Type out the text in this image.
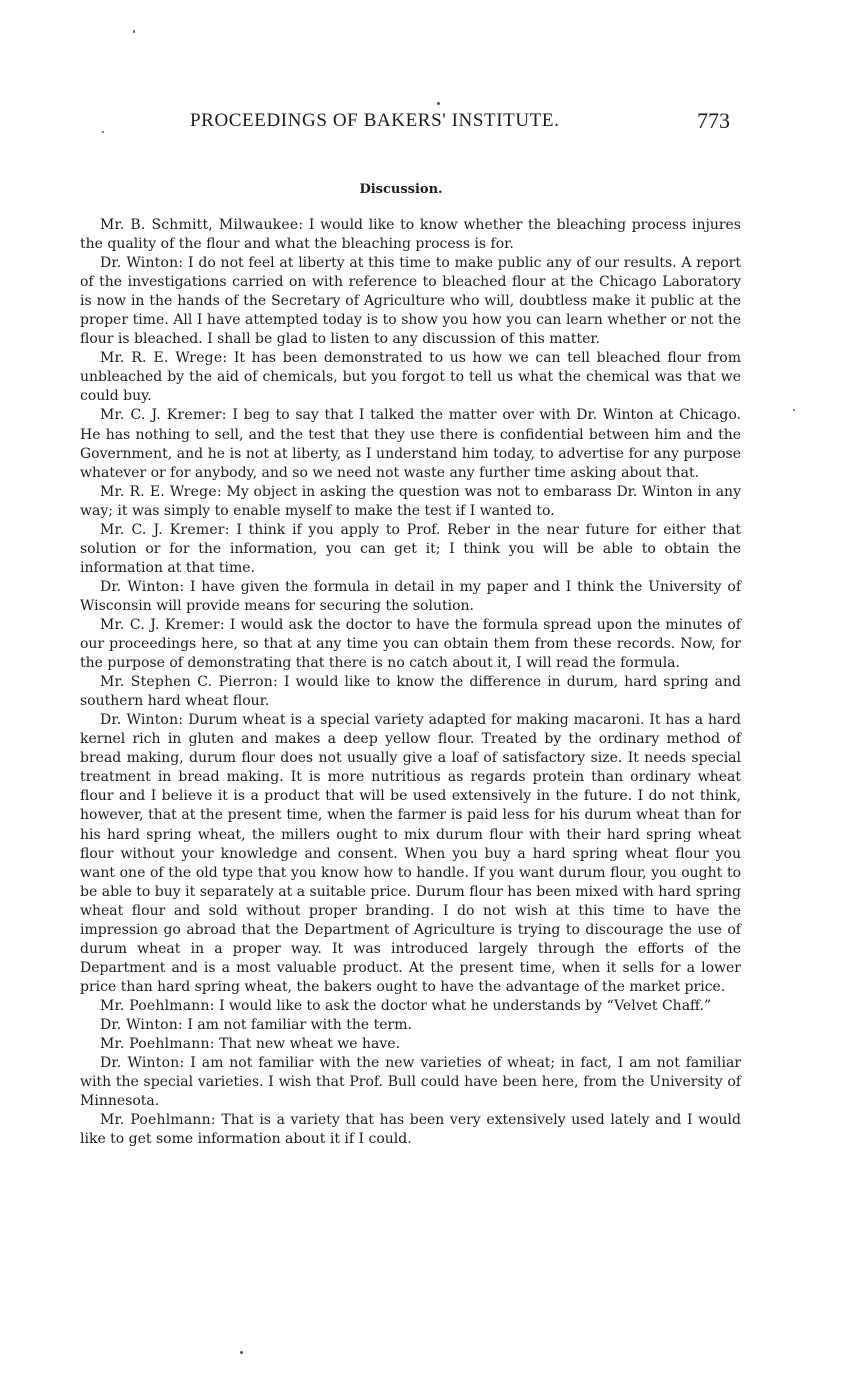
PROCEEDINGS OF BAKERS' INSTITUTE.	773
Discussion.

Mr. B. Schmitt, Milwaukee: I would like to know whether the bleaching process injures the quality of the flour and what the bleaching process is for.

Dr. Winton: I do not feel at liberty at this time to make public any of our results. A report of the investigations carried on with reference to bleached flour at the Chicago Laboratory is now in the hands of the Secretary of Agriculture who will, doubtless make it public at the proper time. All I have attempted today is to show you how you can learn whether or not the flour is bleached. I shall be glad to listen to any discussion of this matter.

Mr. R. E. Wrege: It has been demonstrated to us how we can tell bleached flour from unbleached by the aid of chemicals, but you forgot to tell us what the chemical was that we could buy.

Mr. C. J. Kremer: I beg to say that I talked the matter over with Dr. Winton at Chicago. He has nothing to sell, and the test that they use there is confidential between him and the Government, and he is not at liberty, as I understand him today, to advertise for any purpose whatever or for anybody, and so we need not waste any further time asking about that.

Mr. R. E. Wrege: My object in asking the question was not to embarass Dr. Winton in any way; it was simply to enable myself to make the test if I wanted to.

Mr. C. J. Kremer: I think if you apply to Prof. Reber in the near future for either that solution or for the information, you can get it; I think you will be able to obtain the information at that time.

Dr. Winton: I have given the formula in detail in my paper and I think the University of Wisconsin will provide means for securing the solution.

Mr. C. J. Kremer: I would ask the doctor to have the formula spread upon the minutes of our proceedings here, so that at any time you can obtain them from these records. Now, for the purpose of demonstrating that there is no catch about it, I will read the formula.

Mr. Stephen C. Pierron: I would like to know the difference in durum, hard spring and southern hard wheat flour.

Dr. Winton: Durum wheat is a special variety adapted for making macaroni. It has a hard kernel rich in gluten and makes a deep yellow flour. Treated by the ordinary method of bread making, durum flour does not usually give a loaf of satisfactory size. It needs special treatment in bread making. It is more nutritious as regards protein than ordinary wheat flour and I believe it is a product that will be used extensively in the future. I do not think, however, that at the present time, when the farmer is paid less for his durum wheat than for his hard spring wheat, the millers ought to mix durum flour with their hard spring wheat flour without your knowledge and consent. When you buy a hard spring wheat flour you want one of the old type that you know how to handle. If you want durum flour, you ought to be able to buy it separately at a suitable price. Durum flour has been mixed with hard spring wheat flour and sold without proper branding. I do not wish at this time to have the impression go abroad that the Department of Agriculture is trying to discourage the use of durum wheat in a proper way. It was introduced largely through the efforts of the Department and is a most valuable product. At the present time, when it sells for a lower price than hard spring wheat, the bakers ought to have the advantage of the market price.

Mr. Poehlmann: I would like to ask the doctor what he understands by “Velvet Chaff.”

Dr. Winton: I am not familiar with the term.

Mr. Poehlmann: That new wheat we have.

Dr. Winton: I am not familiar with the new varieties of wheat; in fact, I am not familiar with the special varieties. I wish that Prof. Bull could have been here, from the University of Minnesota.

Mr. Poehlmann: That is a variety that has been very extensively used lately and I would like to get some information about it if I could.
